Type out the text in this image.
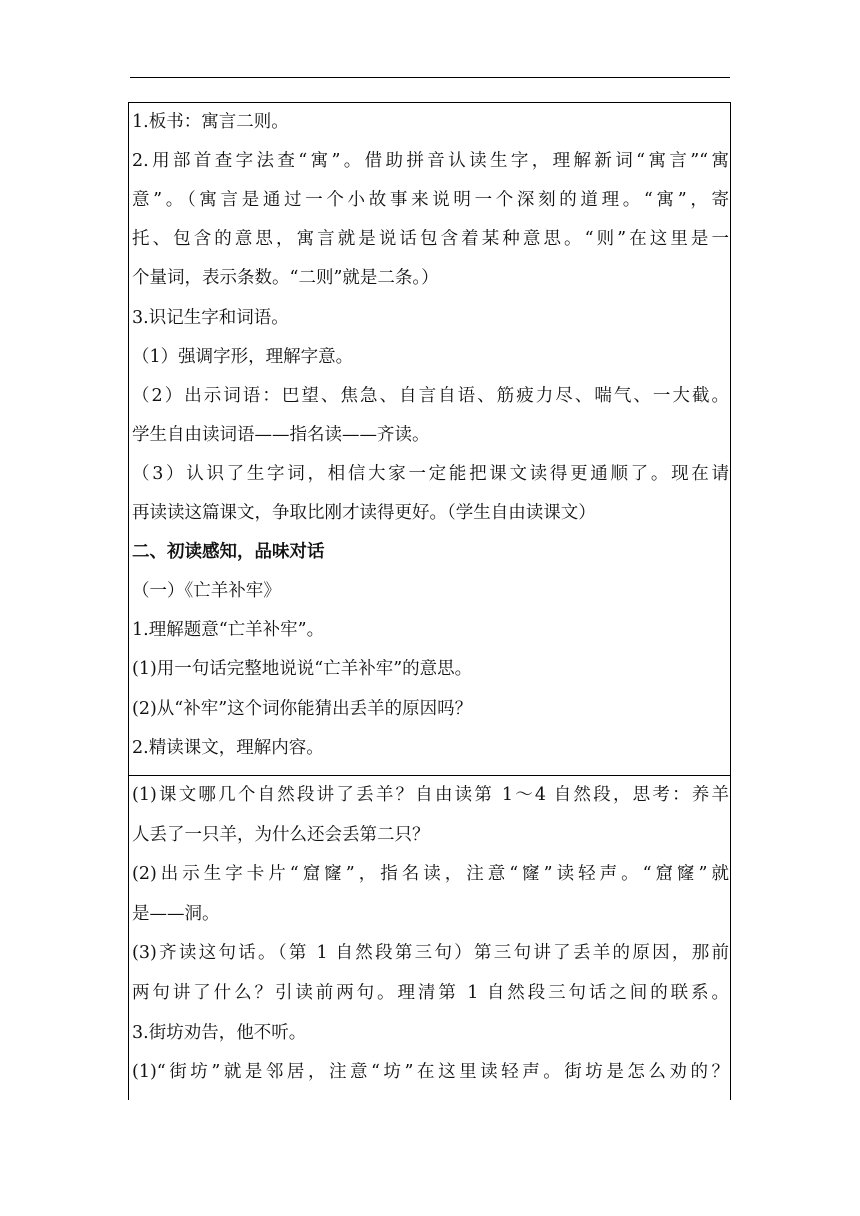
1.板书：寓言二则。
2.用部首查字法查“寓”。借助拼音认读生字，理解新词“寓言”“寓
意”。（寓言是通过一个小故事来说明一个深刻的道理。“寓”，寄
托、包含的意思，寓言就是说话包含着某种意思。“则”在这里是一
个量词，表示条数。“二则”就是二条。）
3.识记生字和词语。
（1）强调字形，理解字意。
（2）出示词语：巴望、焦急、自言自语、筋疲力尽、喘气、一大截。
学生自由读词语——指名读——齐读。
（3）认识了生字词，相信大家一定能把课文读得更通顺了。现在请
再读读这篇课文，争取比刚才读得更好。（学生自由读课文）
二、初读感知，品味对话
（一）《亡羊补牢》
1.理解题意“亡羊补牢”。
(1)用一句话完整地说说“亡羊补牢”的意思。
(2)从“补牢”这个词你能猜出丢羊的原因吗？
2.精读课文，理解内容。
(1)课文哪几个自然段讲了丢羊？自由读第 1～4 自然段，思考：养羊
人丢了一只羊，为什么还会丢第二只？
(2)出示生字卡片“窟窿”，指名读，注意“窿”读轻声。“窟窿”就
是——洞。
(3)齐读这句话。（第 1 自然段第三句）第三句讲了丢羊的原因，那前
两句讲了什么？引读前两句。理清第 1 自然段三句话之间的联系。
3.街坊劝告，他不听。
(1)“街坊”就是邻居，注意“坊”在这里读轻声。街坊是怎么劝的？
